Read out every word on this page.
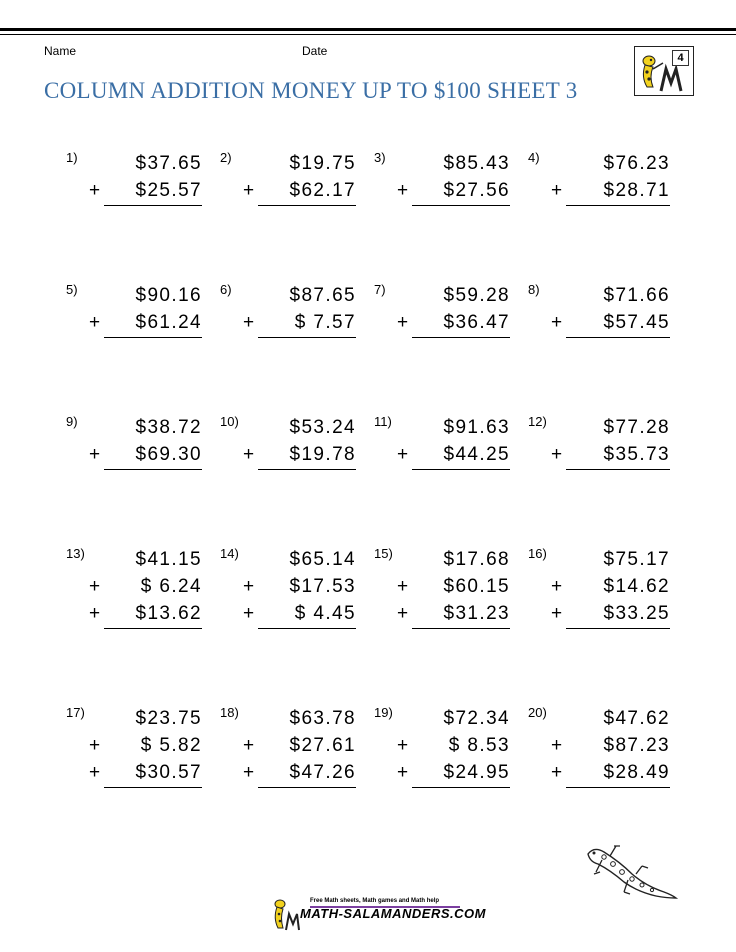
Name	Date
COLUMN ADDITION MONEY UP TO $100 SHEET 3
4
1)	$37.65
$25.57
+
2)	$19.75
$62.17
+
3)	$85.43
$27.56
+
4)	$76.23
$28.71
+
5)	$90.16
$61.24
+
6)	$87.65
$ 7.57
+
7)	$59.28
$36.47
+
8)	$71.66
$57.45
+
9)	$38.72
$69.30
+
10)	$53.24
$19.78
+
11)	$91.63
$44.25
+
12)	$77.28
$35.73
+
13)	$41.15
$ 6.24
+
$13.62
+
14)	$65.14
$17.53
+
$ 4.45
+
15)	$17.68
$60.15
+
$31.23
+
16)	$75.17
$14.62
+
$33.25
+
17)	$23.75
$ 5.82
+
$30.57
+
18)	$63.78
$27.61
+
$47.26
+
19)	$72.34
$ 8.53
+
$24.95
+
20)	$47.62
$87.23
+
$28.49
+
Free Math sheets, Math games and Math help
MATH-SALAMANDERS.COM
